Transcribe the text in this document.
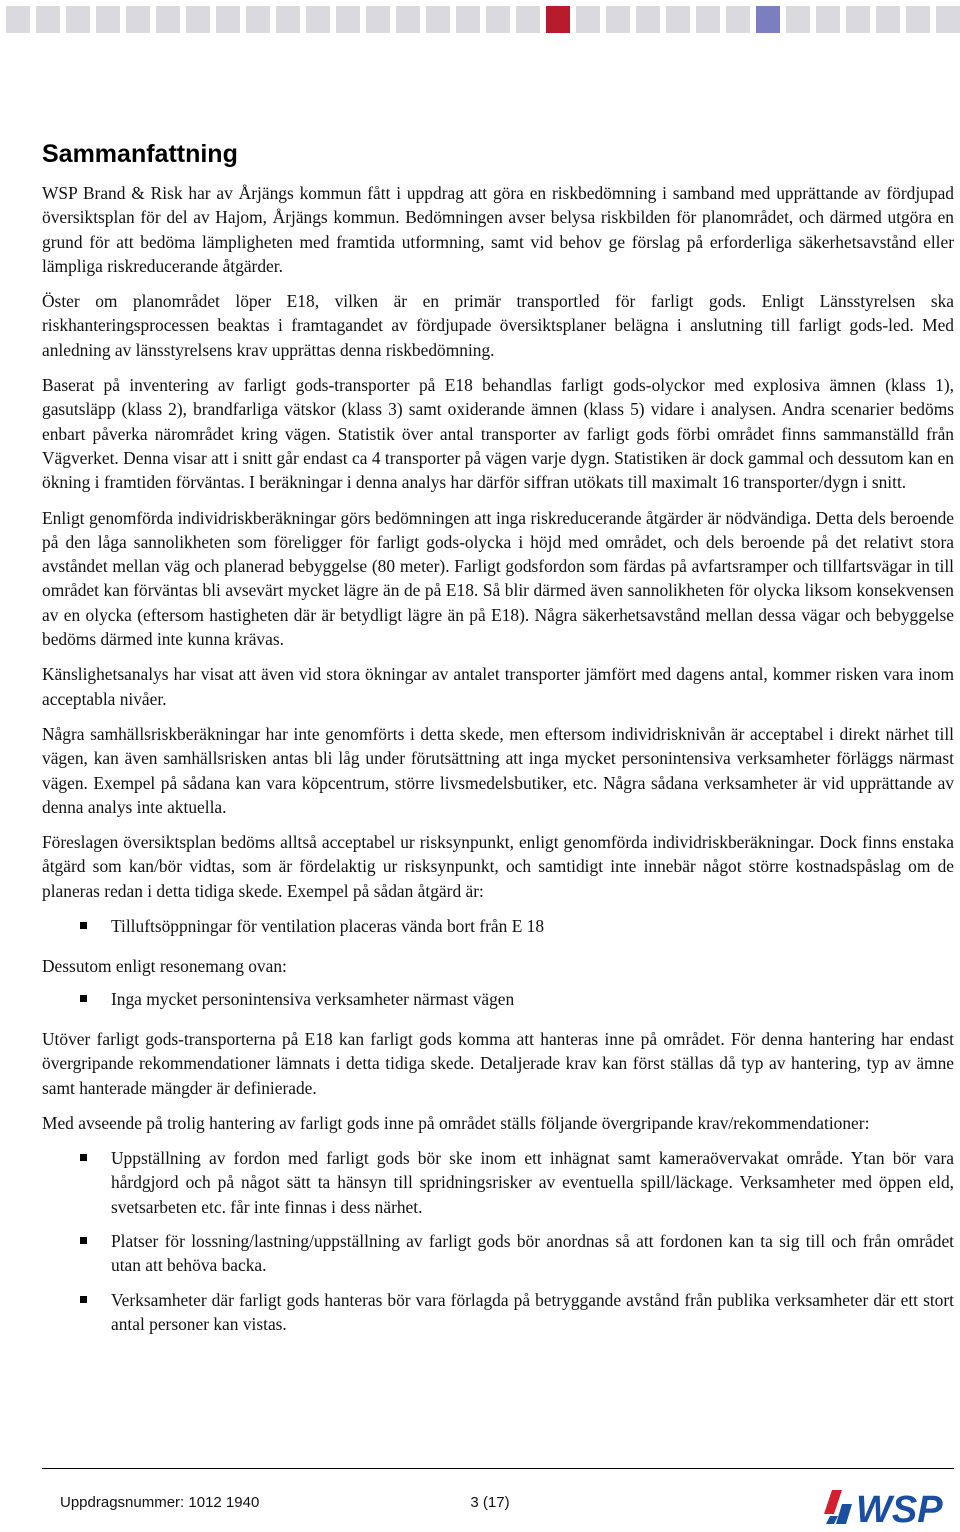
Sammanfattning

WSP Brand & Risk har av Årjängs kommun fått i uppdrag att göra en riskbedömning i samband med upprättande av fördjupad översiktsplan för del av Hajom, Årjängs kommun. Bedömningen avser belysa riskbilden för planområdet, och därmed utgöra en grund för att bedöma lämpligheten med framtida utformning, samt vid behov ge förslag på erforderliga säkerhetsavstånd eller lämpliga riskreducerande åtgärder.

Öster om planområdet löper E18, vilken är en primär transportled för farligt gods. Enligt Länsstyrelsen ska riskhanteringsprocessen beaktas i framtagandet av fördjupade översiktsplaner belägna i anslutning till farligt gods-led. Med anledning av länsstyrelsens krav upprättas denna riskbedömning.

Baserat på inventering av farligt gods-transporter på E18 behandlas farligt gods-olyckor med explosiva ämnen (klass 1), gasutsläpp (klass 2), brandfarliga vätskor (klass 3) samt oxiderande ämnen (klass 5) vidare i analysen. Andra scenarier bedöms enbart påverka närområdet kring vägen. Statistik över antal transporter av farligt gods förbi området finns sammanställd från Vägverket. Denna visar att i snitt går endast ca 4 transporter på vägen varje dygn. Statistiken är dock gammal och dessutom kan en ökning i framtiden förväntas. I beräkningar i denna analys har därför siffran utökats till maximalt 16 transporter/dygn i snitt.

Enligt genomförda individriskberäkningar görs bedömningen att inga riskreducerande åtgärder är nödvändiga. Detta dels beroende på den låga sannolikheten som föreligger för farligt gods-olycka i höjd med området, och dels beroende på det relativt stora avståndet mellan väg och planerad bebyggelse (80 meter). Farligt godsfordon som färdas på avfartsramper och tillfartsvägar in till området kan förväntas bli avsevärt mycket lägre än de på E18. Så blir därmed även sannolikheten för olycka liksom konsekvensen av en olycka (eftersom hastigheten där är betydligt lägre än på E18). Några säkerhetsavstånd mellan dessa vägar och bebyggelse bedöms därmed inte kunna krävas.

Känslighetsanalys har visat att även vid stora ökningar av antalet transporter jämfört med dagens antal, kommer risken vara inom acceptabla nivåer.

Några samhällsriskberäkningar har inte genomförts i detta skede, men eftersom individrisknivån är acceptabel i direkt närhet till vägen, kan även samhällsrisken antas bli låg under förutsättning att inga mycket personintensiva verksamheter förläggs närmast vägen. Exempel på sådana kan vara köpcentrum, större livsmedelsbutiker, etc. Några sådana verksamheter är vid upprättande av denna analys inte aktuella.

Föreslagen översiktsplan bedöms alltså acceptabel ur risksynpunkt, enligt genomförda individriskberäkningar. Dock finns enstaka åtgärd som kan/bör vidtas, som är fördelaktig ur risksynpunkt, och samtidigt inte innebär något större kostnadspåslag om de planeras redan i detta tidiga skede. Exempel på sådan åtgärd är:

Tilluftsöppningar för ventilation placeras vända bort från E 18

Dessutom enligt resonemang ovan:

Inga mycket personintensiva verksamheter närmast vägen

Utöver farligt gods-transporterna på E18 kan farligt gods komma att hanteras inne på området. För denna hantering har endast övergripande rekommendationer lämnats i detta tidiga skede. Detaljerade krav kan först ställas då typ av hantering, typ av ämne samt hanterade mängder är definierade.

Med avseende på trolig hantering av farligt gods inne på området ställs följande övergripande krav/rekommendationer:

Uppställning av fordon med farligt gods bör ske inom ett inhägnat samt kameraövervakat område. Ytan bör vara hårdgjord och på något sätt ta hänsyn till spridningsrisker av eventuella spill/läckage. Verksamheter med öppen eld, svetsarbeten etc. får inte finnas i dess närhet.
Platser för lossning/lastning/uppställning av farligt gods bör anordnas så att fordonen kan ta sig till och från området utan att behöva backa.
Verksamheter där farligt gods hanteras bör vara förlagda på betryggande avstånd från publika verksamheter där ett stort antal personer kan vistas.
Uppdragsnummer: 1012 1940	3 (17)	WSP
